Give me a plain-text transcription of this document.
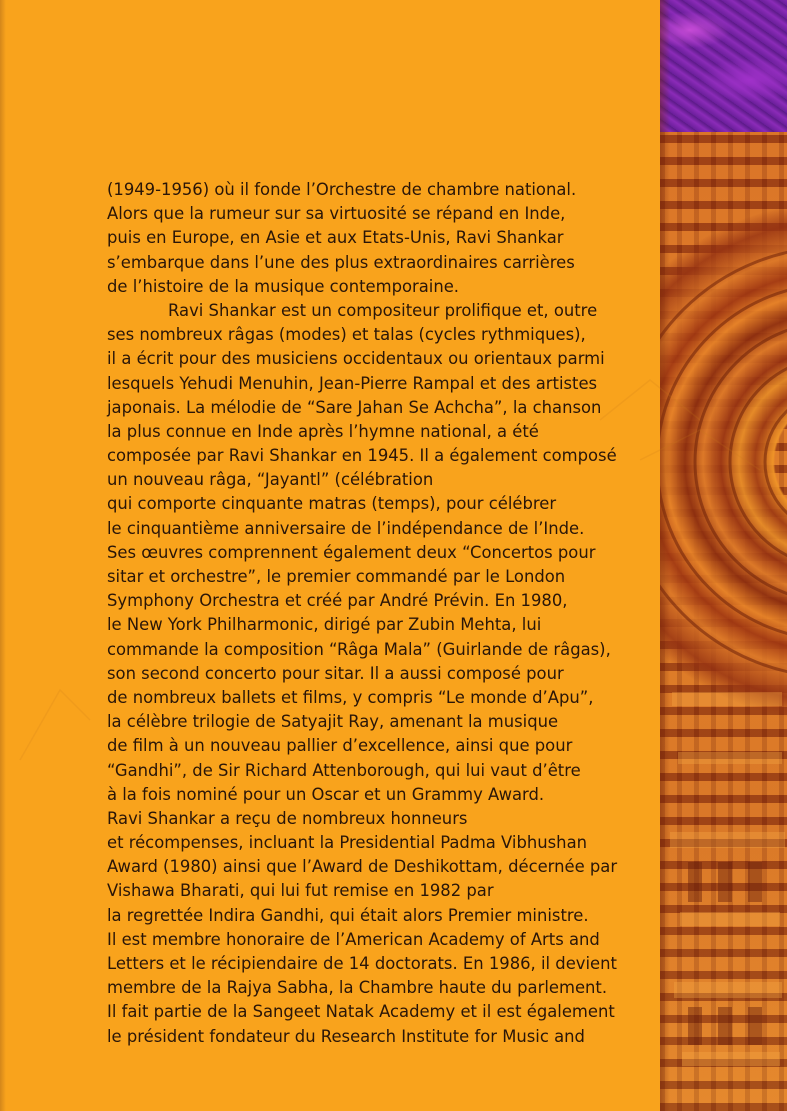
(1949-1956) où il fonde l’Orchestre de chambre national.
Alors que la rumeur sur sa virtuosité se répand en Inde,
puis en Europe, en Asie et aux Etats-Unis, Ravi Shankar
s’embarque dans l’une des plus extraordinaires carrières
de l’histoire de la musique contemporaine.
Ravi Shankar est un compositeur prolifique et, outre
ses nombreux râgas (modes) et talas (cycles rythmiques),
il a écrit pour des musiciens occidentaux ou orientaux parmi
lesquels Yehudi Menuhin, Jean-Pierre Rampal et des artistes
japonais. La mélodie de “Sare Jahan Se Achcha”, la chanson
la plus connue en Inde après l’hymne national, a été
composée par Ravi Shankar en 1945. Il a également composé
un nouveau râga, “Jayantl” (célébration
qui comporte cinquante matras (temps), pour célébrer
le cinquantième anniversaire de l’indépendance de l’Inde.
Ses œuvres comprennent également deux “Concertos pour
sitar et orchestre”, le premier commandé par le London
Symphony Orchestra et créé par André Prévin. En 1980,
le New York Philharmonic, dirigé par Zubin Mehta, lui
commande la composition “Râga Mala” (Guirlande de râgas),
son second concerto pour sitar. Il a aussi composé pour
de nombreux ballets et films, y compris “Le monde d’Apu”,
la célèbre trilogie de Satyajit Ray, amenant la musique
de film à un nouveau pallier d’excellence, ainsi que pour
“Gandhi”, de Sir Richard Attenborough, qui lui vaut d’être
à la fois nominé pour un Oscar et un Grammy Award.
Ravi Shankar a reçu de nombreux honneurs
et récompenses, incluant la Presidential Padma Vibhushan
Award (1980) ainsi que l’Award de Deshikottam, décernée par
Vishawa Bharati, qui lui fut remise en 1982 par
la regrettée Indira Gandhi, qui était alors Premier ministre.
Il est membre honoraire de l’American Academy of Arts and
Letters et le récipiendaire de 14 doctorats. En 1986, il devient
membre de la Rajya Sabha, la Chambre haute du parlement.
Il fait partie de la Sangeet Natak Academy et il est également
le président fondateur du Research Institute for Music and
